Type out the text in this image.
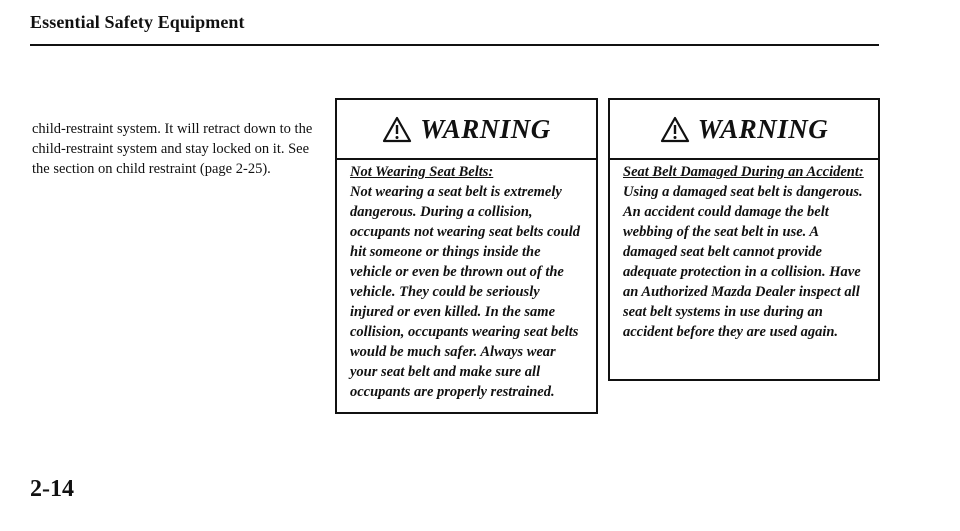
Essential Safety Equipment
child-restraint system. It will retract down to the child-restraint system and stay locked on it. See the section on child restraint (page 2-25).
WARNING
Not Wearing Seat Belts:
Not wearing a seat belt is extremely dangerous. During a collision, occupants not wearing seat belts could hit someone or things inside the vehicle or even be thrown out of the vehicle. They could be seriously injured or even killed. In the same collision, occupants wearing seat belts would be much safer. Always wear your seat belt and make sure all occupants are properly restrained.
WARNING
Seat Belt Damaged During an Accident:
Using a damaged seat belt is dangerous. An accident could damage the belt webbing of the seat belt in use. A damaged seat belt cannot provide adequate protection in a collision. Have an Authorized Mazda Dealer inspect all seat belt systems in use during an accident before they are used again.
2-14
